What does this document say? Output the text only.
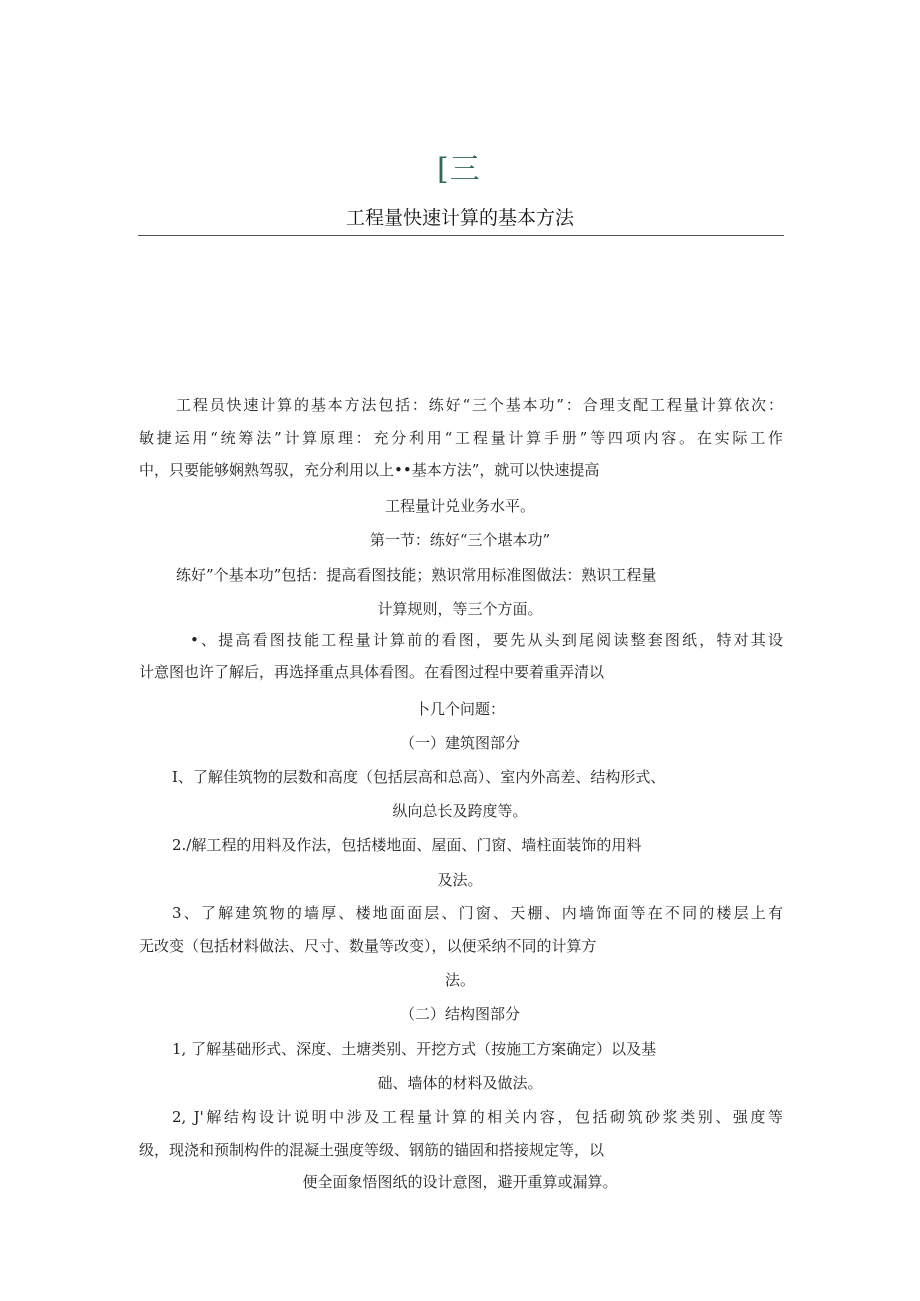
[三
工程量快速计算的基本方法
工程员快速计算的基本方法包括：练好“三个基本功”：合理支配工程量计算依次：
敏捷运用“统筹法”计算原理：充分利用“工程量计算手册”等四项内容。在实际工作
中，只要能够娴熟驾驭，充分利用以上••基本方法”，就可以快速提高
工程量计兑业务水平。
第一节：练好“三个堪本功”
练好”个基本功”包括：提高看图技能；熟识常用标准图做法：熟识工程量
计算规则，等三个方面。
•、提高看图技能工程量计算前的看图，要先从头到尾阅读整套图纸，特对其设
计意图也许了解后，再选择重点具体看图。在看图过程中要着重弄清以
卜几个问题：
（一）建筑图部分
I、了解佳筑物的层数和高度（包括层高和总高）、室内外高差、结构形式、
纵向总长及跨度等。
2./解工程的用料及作法，包括楼地面、屋面、门窗、墙柱面装饰的用料
及法。
3、了解建筑物的墙厚、楼地面面层、门窗、天棚、内墙饰面等在不同的楼层上有
无改变（包括材料做法、尺寸、数量等改变），以便采纳不同的计算方
法。
（二）结构图部分
1, 了解基础形式、深度、土塘类别、开挖方式（按施工方案确定）以及基
础、墙体的材料及做法。
2, J'解结构设计说明中涉及工程量计算的相关内容，包括砌筑砂浆类别、强度等
级，现浇和预制构件的混凝土强度等级、钢筋的锚固和搭接规定等，以
便全面象悟图纸的设计意图，避开重算或漏算。
